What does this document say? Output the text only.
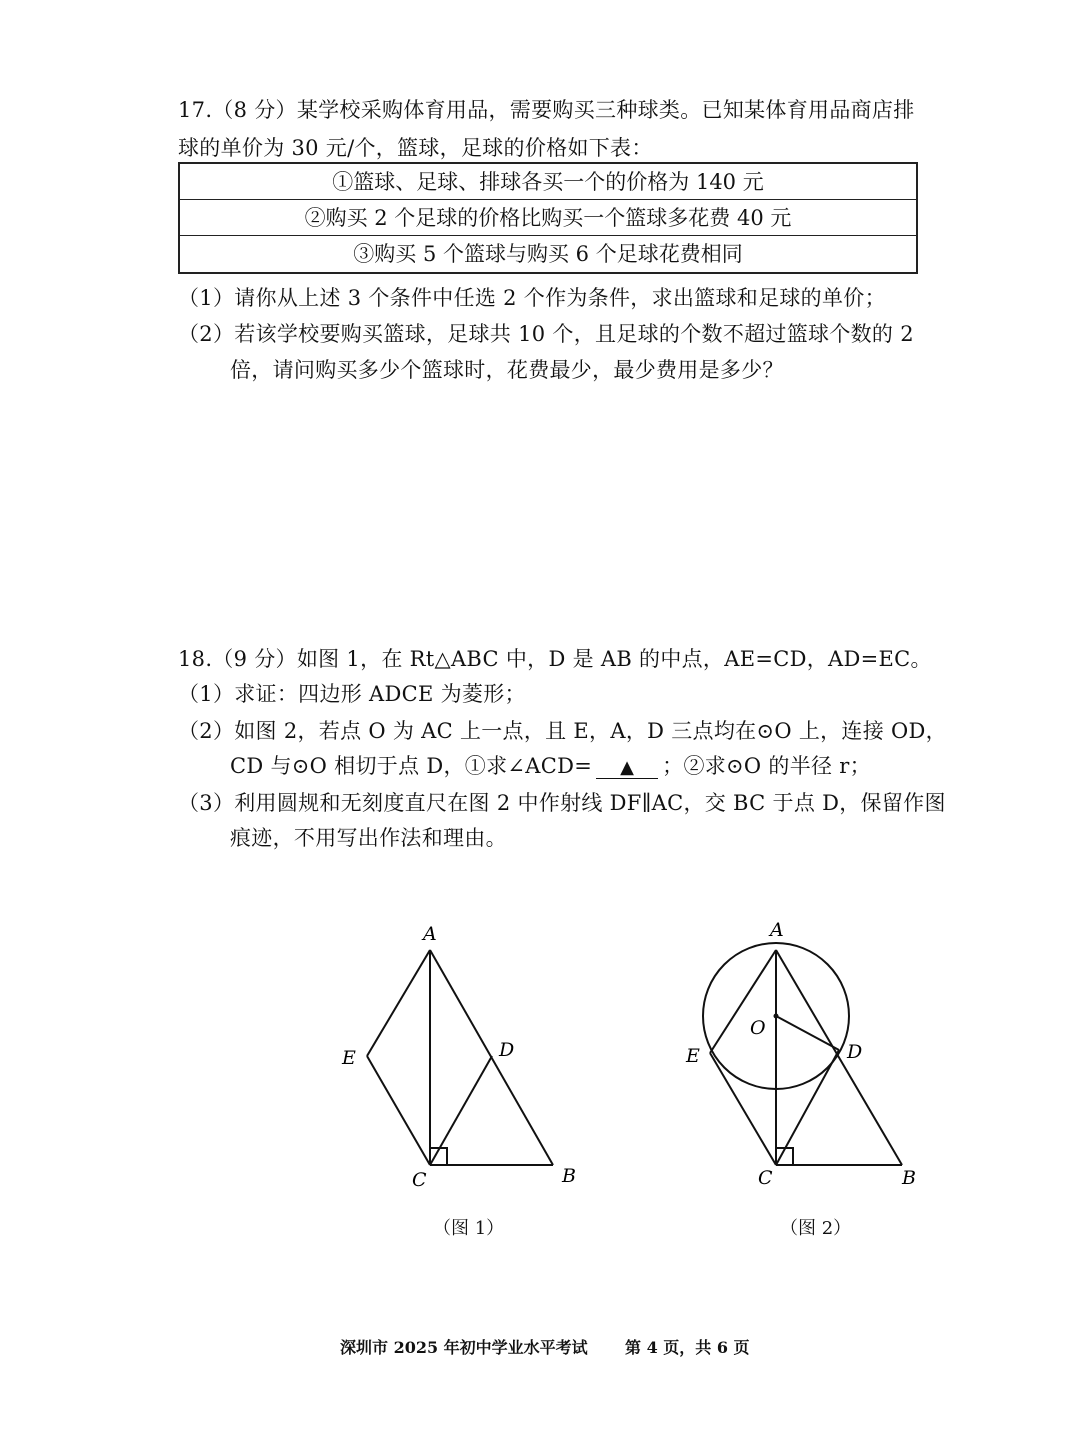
17.（8 分）某学校采购体育用品，需要购买三种球类。已知某体育用品商店排
球的单价为 30 元/个，篮球，足球的价格如下表：
①篮球、足球、排球各买一个的价格为 140 元
②购买 2 个足球的价格比购买一个篮球多花费 40 元
③购买 5 个篮球与购买 6 个足球花费相同
（1）请你从上述 3 个条件中任选 2 个作为条件，求出篮球和足球的单价；
（2）若该学校要购买篮球，足球共 10 个，且足球的个数不超过篮球个数的 2
倍，请问购买多少个篮球时，花费最少，最少费用是多少？
18.（9 分）如图 1，在 Rt△ABC 中，D 是 AB 的中点，AE=CD，AD=EC。
（1）求证：四边形 ADCE 为菱形；
（2）如图 2，若点 O 为 AC 上一点，且 E，A，D 三点均在⊙O 上，连接 OD，
CD 与⊙O 相切于点 D，①求∠ACD= ▲ ；②求⊙O 的半径 r；
（3）利用圆规和无刻度直尺在图 2 中作射线 DF∥AC，交 BC 于点 D，保留作图
痕迹，不用写出作法和理由。
A
E	D
C	B
（图 1）
A
O
E	D
C	B
（图 2）
深圳市 2025 年初中学业水平考试 第 4 页，共 6 页
